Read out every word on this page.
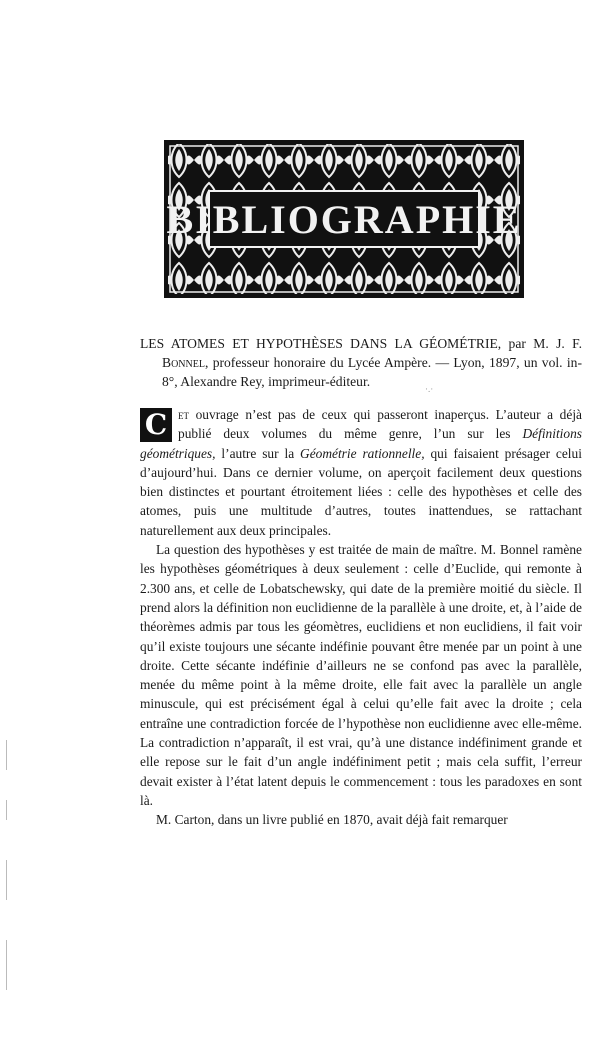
BIBLIOGRAPHIE
·.·

LES ATOMES ET HYPOTHÈSES DANS LA GÉOMÉTRIE, par M. J. F. Bonnel, professeur honoraire du Lycée Ampère. — Lyon, 1897, un vol. in-8°, Alexandre Rey, imprimeur-éditeur.

C et ouvrage n’est pas de ceux qui passeront inaperçus. L’auteur a déjà publié deux volumes du même genre, l’un sur les Définitions géométriques, l’autre sur la Géométrie rationnelle, qui faisaient présager celui d’aujourd’hui. Dans ce dernier volume, on aperçoit facilement deux questions bien distinctes et pourtant étroitement liées : celle des hypothèses et celle des atomes, puis une multitude d’autres, toutes inattendues, se rattachant naturellement aux deux principales.

La question des hypothèses y est traitée de main de maître. M. Bonnel ramène les hypothèses géométriques à deux seulement : celle d’Euclide, qui remonte à 2.300 ans, et celle de Lobatschewsky, qui date de la première moitié du siècle. Il prend alors la définition non euclidienne de la parallèle à une droite, et, à l’aide de théorèmes admis par tous les géomètres, euclidiens et non euclidiens, il fait voir qu’il existe toujours une sécante indéfinie pouvant être menée par un point à une droite. Cette sécante indéfinie d’ailleurs ne se confond pas avec la parallèle, menée du même point à la même droite, elle fait avec la parallèle un angle minuscule, qui est précisément égal à celui qu’elle fait avec la droite ; cela entraîne une contradiction forcée de l’hypothèse non euclidienne avec elle-même. La contradiction n’apparaît, il est vrai, qu’à une distance indéfiniment grande et elle repose sur le fait d’un angle indéfiniment petit ; mais cela suffit, l’erreur devait exister à l’état latent depuis le commencement : tous les paradoxes en sont là.

M. Carton, dans un livre publié en 1870, avait déjà fait remarquer
